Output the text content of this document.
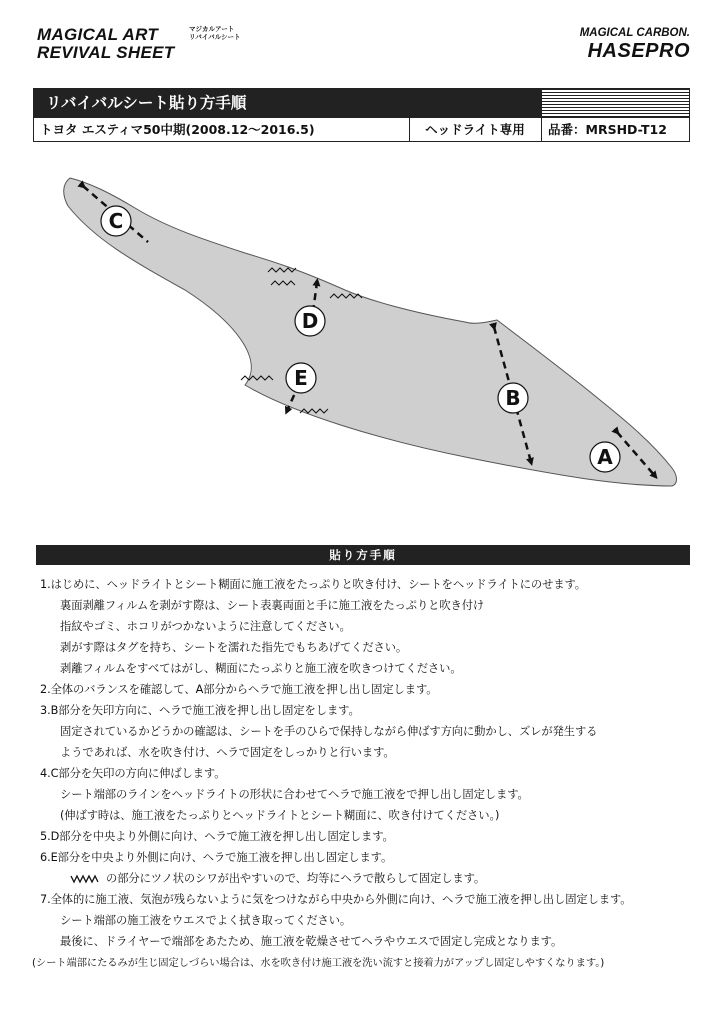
MAGICAL ART
REVIVAL SHEET
マジカルアート
リバイバルシート	MAGICAL CARBON.
HASEPRO
リバイバルシート貼り方手順
トヨタ エスティマ50中期(2008.12〜2016.5)	ヘッドライト専用	品番：MRSHD-T12
C
D
E
B
A
貼り方手順
1.はじめに、ヘッドライトとシート糊面に施工液をたっぷりと吹き付け、シートをヘッドライトにのせます。
裏面剥離フィルムを剥がす際は、シート表裏両面と手に施工液をたっぷりと吹き付け
指紋やゴミ、ホコリがつかないように注意してください。
剥がす際はタグを持ち、シートを濡れた指先でもちあげてください。
剥離フィルムをすべてはがし、糊面にたっぷりと施工液を吹きつけてください。
2.全体のバランスを確認して、A部分からヘラで施工液を押し出し固定します。
3.B部分を矢印方向に、ヘラで施工液を押し出し固定をします。
固定されているかどうかの確認は、シートを手のひらで保持しながら伸ばす方向に動かし、ズレが発生する
ようであれば、水を吹き付け、ヘラで固定をしっかりと行います。
4.C部分を矢印の方向に伸ばします。
シート端部のラインをヘッドライトの形状に合わせてヘラで施工液をで押し出し固定します。
(伸ばす時は、施工液をたっぷりとヘッドライトとシート糊面に、吹き付けてください。)
5.D部分を中央より外側に向け、ヘラで施工液を押し出し固定します。
6.E部分を中央より外側に向け、ヘラで施工液を押し出し固定します。
の部分にツノ状のシワが出やすいので、均等にヘラで散らして固定します。
7.全体的に施工液、気泡が残らないように気をつけながら中央から外側に向け、ヘラで施工液を押し出し固定します。
シート端部の施工液をウエスでよく拭き取ってください。
最後に、ドライヤーで端部をあたため、施工液を乾燥させてヘラやウエスで固定し完成となります。
(シート端部にたるみが生じ固定しづらい場合は、水を吹き付け施工液を洗い流すと接着力がアップし固定しやすくなります。)
